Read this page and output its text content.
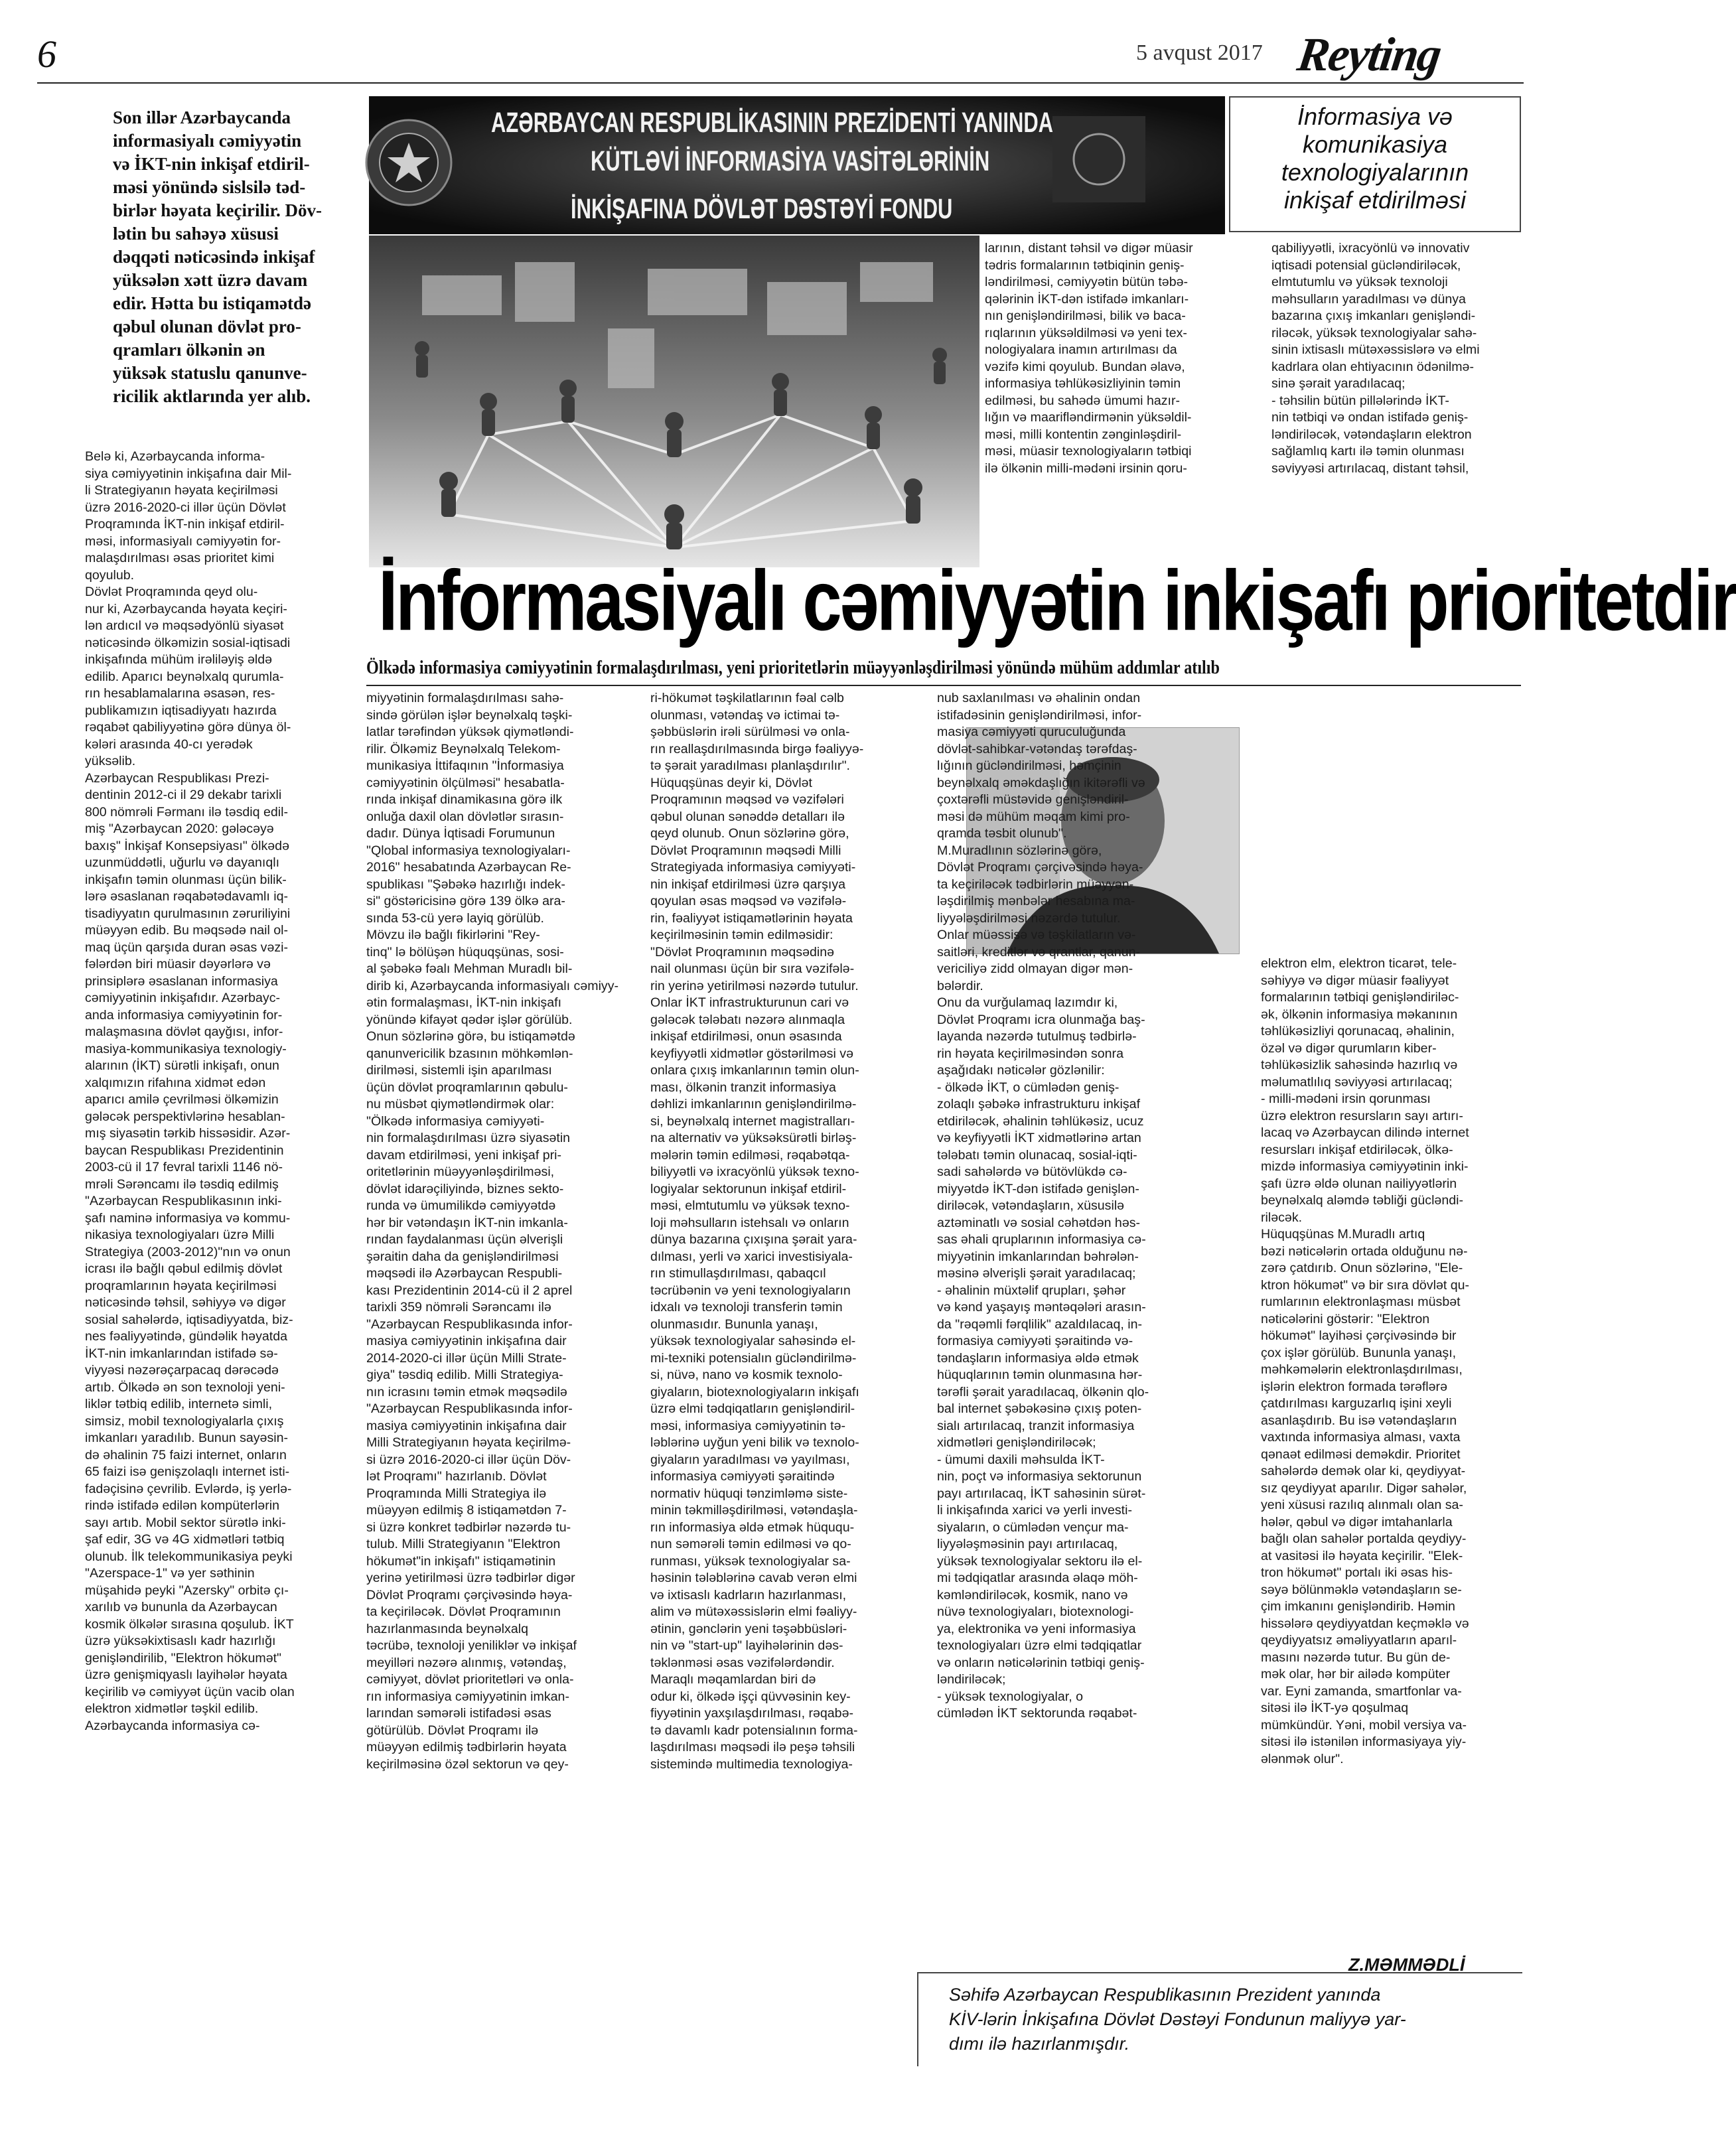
6	5 avqust 2017 Reyting
Son illər Azərbaycanda
informasiyalı cəmiyyətin
və İKT-nin inkişaf etdiril-
məsi yönündə sislsilə təd-
birlər həyata keçirilir. Döv-
lətin bu sahəyə xüsusi
dəqqəti nəticəsində inkişaf
yüksələn xətt üzrə davam
edir. Hətta bu istiqamətdə
qəbul olunan dövlət pro-
qramları ölkənin ən
yüksək statuslu qanunve-
ricilik aktlarında yer alıb.
AZƏRBAYCAN RESPUBLİKASININ PREZİDENTİ YANINDA
KÜTLƏVİ İNFORMASİYA VASİTƏLƏRİNİN
İNKİŞAFINA DÖVLƏT DƏSTƏYİ FONDU
İnformasiya və
komunikasiya
texnologiyalarının
inkişaf etdirilməsi
larının, distant təhsil və digər müasir
tədris formalarının tətbiqinin geniş-
ləndirilməsi, cəmiyyətin bütün təbə-
qələrinin İKT-dən istifadə imkanları-
nın genişləndirilməsi, bilik və baca-
rıqlarının yüksəldilməsi və yeni tex-
nologiyalara inamın artırılması da
vəzifə kimi qoyulub. Bundan əlavə,
informasiya təhlükəsizliyinin təmin
edilməsi, bu sahədə ümumi hazır-
lığın və maarifləndirmənin yüksəldil-
məsi, milli kontentin zənginləşdiril-
məsi, müasir texnologiyaların tətbiqi
ilə ölkənin milli-mədəni irsinin qoru-
qabiliyyətli, ixracyönlü və innovativ
iqtisadi potensial gücləndiriləcək,
elmtutumlu və yüksək texnoloji
məhsulların yaradılması və dünya
bazarına çıxış imkanları genişləndi-
riləcək, yüksək texnologiyalar sahə-
sinin ixtisaslı mütəxəssislərə və elmi
kadrlara olan ehtiyacının ödənilmə-
sinə şərait yaradılacaq;
- təhsilin bütün pillələrində İKT-
nin tətbiqi və ondan istifadə geniş-
ləndiriləcək, vətəndaşların elektron
sağlamlıq kartı ilə təmin olunması
səviyyəsi artırılacaq, distant təhsil,
Belə ki, Azərbaycanda informa-
siya cəmiyyətinin inkişafına dair Mil-
li Strategiyanın həyata keçirilməsi
üzrə 2016-2020-ci illər üçün Dövlət
Proqramında İKT-nin inkişaf etdiril-
məsi, informasiyalı cəmiyyətin for-
malaşdırılması əsas prioritet kimi
qoyulub.
Dövlət Proqramında qeyd olu-
nur ki, Azərbaycanda həyata keçiri-
lən ardıcıl və məqsədyönlü siyasət
nəticəsində ölkəmizin sosial-iqtisadi
inkişafında mühüm irəliləyiş əldə
edilib. Aparıcı beynəlxalq qurumla-
rın hesablamalarına əsasən, res-
publikamızın iqtisadiyyatı hazırda
rəqabət qabiliyyətinə görə dünya öl-
kələri arasında 40-cı yerədək
yüksəlib.
Azərbaycan Respublikası Prezi-
dentinin 2012-ci il 29 dekabr tarixli
800 nömrəli Fərmanı ilə təsdiq edil-
miş "Azərbaycan 2020: gələcəyə
baxış" İnkişaf Konsepsiyası" ölkədə
uzunmüddətli, uğurlu və dayanıqlı
inkişafın təmin olunması üçün bilik-
lərə əsaslanan rəqabətədavamlı iq-
tisadiyyatın qurulmasının zəruriliyini
müəyyən edib. Bu məqsədə nail ol-
maq üçün qarşıda duran əsas vəzi-
fələrdən biri müasir dəyərlərə və
prinsiplərə əsaslanan informasiya
cəmiyyətinin inkişafıdır. Azərbayc-
anda informasiya cəmiyyətinin for-
malaşmasına dövlət qayğısı, infor-
masiya-kommunikasiya texnologiy-
alarının (İKT) sürətli inkişafı, onun
xalqımızın rifahına xidmət edən
aparıcı amilə çevrilməsi ölkəmizin
gələcək perspektivlərinə hesablan-
mış siyasətin tərkib hissəsidir. Azər-
baycan Respublikası Prezidentinin
2003-cü il 17 fevral tarixli 1146 nö-
mrəli Sərəncamı ilə təsdiq edilmiş
"Azərbaycan Respublikasının inki-
şafı naminə informasiya və kommu-
nikasiya texnologiyaları üzrə Milli
Strategiya (2003-2012)"nın və onun
icrası ilə bağlı qəbul edilmiş dövlət
proqramlarının həyata keçirilməsi
nəticəsində təhsil, səhiyyə və digər
sosial sahələrdə, iqtisadiyyatda, biz-
nes fəaliyyətində, gündəlik həyatda
İKT-nin imkanlarından istifadə sə-
viyyəsi nəzərəçarpacaq dərəcədə
artıb. Ölkədə ən son texnoloji yeni-
liklər tətbiq edilib, internetə simli,
simsiz, mobil texnologiyalarla çıxış
imkanları yaradılıb. Bunun sayəsin-
də əhalinin 75 faizi internet, onların
65 faizi isə genişzolaqlı internet isti-
fadəçisinə çevrilib. Evlərdə, iş yerlə-
rində istifadə edilən kompüterlərin
sayı artıb. Mobil sektor sürətlə inki-
şaf edir, 3G və 4G xidmətləri tətbiq
olunub. İlk telekommunikasiya peyki
"Azerspace-1" və yer səthinin
müşahidə peyki "Azersky" orbitə çı-
xarılıb və bununla da Azərbaycan
kosmik ölkələr sırasına qoşulub. İKT
üzrə yüksəkixtisaslı kadr hazırlığı
genişləndirilib, "Elektron hökumət"
üzrə genişmiqyaslı layihələr həyata
keçirilib və cəmiyyət üçün vacib olan
elektron xidmətlər təşkil edilib.
Azərbaycanda informasiya cə-
İnformasiyalı cəmiyyətin inkişafı prioritetdir
Ölkədə informasiya cəmiyyətinin formalaşdırılması, yeni prioritetlərin müəyyənləşdirilməsi yönündə mühüm addımlar atılıb
miyyətinin formalaşdırılması sahə-
sində görülən işlər beynəlxalq təşki-
latlar tərəfindən yüksək qiymətləndi-
rilir. Ölkəmiz Beynəlxalq Telekom-
munikasiya İttifaqının "İnformasiya
cəmiyyətinin ölçülməsi" hesabatla-
rında inkişaf dinamikasına görə ilk
onluğa daxil olan dövlətlər sırasın-
dadır. Dünya İqtisadi Forumunun
"Qlobal informasiya texnologiyaları-
2016" hesabatında Azərbaycan Re-
spublikası "Şəbəkə hazırlığı indek-
si" göstəricisinə görə 139 ölkə ara-
sında 53-cü yerə layiq görülüb.
Mövzu ilə bağlı fikirlərini "Rey-
tinq" lə bölüşən hüquqşünas, sosi-
al şəbəkə fəalı Mehman Muradlı bil-
dirib ki, Azərbaycanda informasiyalı cəmiyy-
ətin formalaşması, İKT-nin inkişafı
yönündə kifayət qədər işlər görülüb.
Onun sözlərinə görə, bu istiqamətdə
qanunvericilik bzasının möhkəmlən-
dirilməsi, sistemli işin aparılması
üçün dövlət proqramlarının qəbulu-
nu müsbət qiymətləndirmək olar:
"Ölkədə informasiya cəmiyyəti-
nin formalaşdırılması üzrə siyasətin
davam etdirilməsi, yeni inkişaf pri-
oritetlərinin müəyyənləşdirilməsi,
dövlət idarəçiliyində, biznes sekto-
runda və ümumilikdə cəmiyyətdə
hər bir vətəndaşın İKT-nin imkanla-
rından faydalanması üçün əlverişli
şəraitin daha da genişləndirilməsi
məqsədi ilə Azərbaycan Respubli-
kası Prezidentinin 2014-cü il 2 aprel
tarixli 359 nömrəli Sərəncamı ilə
"Azərbaycan Respublikasında infor-
masiya cəmiyyətinin inkişafına dair
2014-2020-ci illər üçün Milli Strate-
giya" təsdiq edilib. Milli Strategiya-
nın icrasını təmin etmək məqsədilə
"Azərbaycan Respublikasında infor-
masiya cəmiyyətinin inkişafına dair
Milli Strategiyanın həyata keçirilmə-
si üzrə 2016-2020-ci illər üçün Döv-
lət Proqramı" hazırlanıb. Dövlət
Proqramında Milli Strategiya ilə
müəyyən edilmiş 8 istiqamətdən 7-
si üzrə konkret tədbirlər nəzərdə tu-
tulub. Milli Strategiyanın "Elektron
hökumət"in inkişafı" istiqamətinin
yerinə yetirilməsi üzrə tədbirlər digər
Dövlət Proqramı çərçivəsində həya-
ta keçiriləcək. Dövlət Proqramının
hazırlanmasında beynəlxalq
təcrübə, texnoloji yeniliklər və inkişaf
meyilləri nəzərə alınmış, vətəndaş,
cəmiyyət, dövlət prioritetləri və onla-
rın informasiya cəmiyyətinin imkan-
larından səmərəli istifadəsi əsas
götürülüb. Dövlət Proqramı ilə
müəyyən edilmiş tədbirlərin həyata
keçirilməsinə özəl sektorun və qey-
ri-hökumət təşkilatlarının fəal cəlb
olunması, vətəndaş və ictimai tə-
şəbbüslərin irəli sürülməsi və onla-
rın reallaşdırılmasında birgə fəaliyyə-
tə şərait yaradılması planlaşdırılır".
Hüquqşünas deyir ki, Dövlət
Proqramının məqsəd və vəzifələri
qəbul olunan sənəddə detalları ilə
qeyd olunub. Onun sözlərinə görə,
Dövlət Proqramının məqsədi Milli
Strategiyada informasiya cəmiyyəti-
nin inkişaf etdirilməsi üzrə qarşıya
qoyulan əsas məqsəd və vəzifələ-
rin, fəaliyyət istiqamətlərinin həyata
keçirilməsinin təmin edilməsidir:
"Dövlət Proqramının məqsədinə
nail olunması üçün bir sıra vəzifələ-
rin yerinə yetirilməsi nəzərdə tutulur.
Onlar İKT infrastrukturunun cari və
gələcək tələbatı nəzərə alınmaqla
inkişaf etdirilməsi, onun əsasında
keyfiyyətli xidmətlər göstərilməsi və
onlara çıxış imkanlarının təmin olun-
ması, ölkənin tranzit informasiya
dəhlizi imkanlarının genişləndirilmə-
si, beynəlxalq internet magistralları-
na alternativ və yüksəksürətli birləş-
mələrin təmin edilməsi, rəqabətqa-
biliyyətli və ixracyönlü yüksək texno-
logiyalar sektorunun inkişaf etdiril-
məsi, elmtutumlu və yüksək texno-
loji məhsulların istehsalı və onların
dünya bazarına çıxışına şərait yara-
dılması, yerli və xarici investisiyala-
rın stimullaşdırılması, qabaqcıl
təcrübənin və yeni texnologiyaların
idxalı və texnoloji transferin təmin
olunmasıdır. Bununla yanaşı,
yüksək texnologiyalar sahəsində el-
mi-texniki potensialın gücləndirilmə-
si, nüvə, nano və kosmik texnolo-
giyaların, biotexnologiyaların inkişafı
üzrə elmi tədqiqatların genişləndiril-
məsi, informasiya cəmiyyətinin tə-
ləblərinə uyğun yeni bilik və texnolo-
giyaların yaradılması və yayılması,
informasiya cəmiyyəti şəraitində
normativ hüquqi tənzimləmə siste-
minin təkmilləşdirilməsi, vətəndaşla-
rın informasiya əldə etmək hüququ-
nun səmərəli təmin edilməsi və qo-
runması, yüksək texnologiyalar sa-
həsinin tələblərinə cavab verən elmi
və ixtisaslı kadrların hazırlanması,
alim və mütəxəssislərin elmi fəaliyy-
ətinin, gənclərin yeni təşəbbüsləri-
nin və "start-up" layihələrinin dəs-
təklənməsi əsas vəzifələrdəndir.
Maraqlı məqamlardan biri də
odur ki, ölkədə işçi qüvvəsinin key-
fiyyətinin yaxşılaşdırılması, rəqabə-
tə davamlı kadr potensialının forma-
laşdırılması məqsədi ilə peşə təhsili
sistemində multimedia texnologiya-
nub saxlanılması və əhalinin ondan
istifadəsinin genişləndirilməsi, infor-
masiya cəmiyyəti quruculuğunda
dövlət-sahibkar-vətəndaş tərəfdaş-
lığının gücləndirilməsi, həmçinin
beynəlxalq əməkdaşlığın ikitərəfli və
çoxtərəfli müstəvidə genişləndiril-
məsi də mühüm məqam kimi pro-
qramda təsbit olunub".
M.Muradlının sözlərinə görə,
Dövlət Proqramı çərçivəsində həya-
ta keçiriləcək tədbirlərin müəyyən-
ləşdirilmiş mənbələr hesabına ma-
liyyələşdirilməsi nəzərdə tutulur.
Onlar müəssisə və təşkilatların və-
saitləri, kreditlər və qrantlar, qanun-
vericiliyə zidd olmayan digər mən-
bələrdir.
Onu da vurğulamaq lazımdır ki,
Dövlət Proqramı icra olunmağa baş-
layanda nəzərdə tutulmuş tədbirlə-
rin həyata keçirilməsindən sonra
aşağıdakı nəticələr gözlənilir:
- ölkədə İKT, o cümlədən geniş-
zolaqlı şəbəkə infrastrukturu inkişaf
etdiriləcək, əhalinin təhlükəsiz, ucuz
və keyfiyyətli İKT xidmətlərinə artan
tələbatı təmin olunacaq, sosial-iqti-
sadi sahələrdə və bütövlükdə cə-
miyyətdə İKT-dən istifadə genişlən-
diriləcək, vətəndaşların, xüsusilə
aztəminatlı və sosial cəhətdən həs-
sas əhali qruplarının informasiya cə-
miyyətinin imkanlarından bəhrələn-
məsinə əlverişli şərait yaradılacaq;
- əhalinin müxtəlif qrupları, şəhər
və kənd yaşayış məntəqələri arasın-
da "rəqəmli fərqlilik" azaldılacaq, in-
formasiya cəmiyyəti şəraitində və-
təndaşların informasiya əldə etmək
hüquqlarının təmin olunmasına hər-
tərəfli şərait yaradılacaq, ölkənin qlo-
bal internet şəbəkəsinə çıxış poten-
sialı artırılacaq, tranzit informasiya
xidmətləri genişləndiriləcək;
- ümumi daxili məhsulda İKT-
nin, poçt və informasiya sektorunun
payı artırılacaq, İKT sahəsinin sürət-
li inkişafında xarici və yerli investi-
siyaların, o cümlədən vençur ma-
liyyələşməsinin payı artırılacaq,
yüksək texnologiyalar sektoru ilə el-
mi tədqiqatlar arasında əlaqə möh-
kəmləndiriləcək, kosmik, nano və
nüvə texnologiyaları, biotexnologi-
ya, elektronika və yeni informasiya
texnologiyaları üzrə elmi tədqiqatlar
və onların nəticələrinin tətbiqi geniş-
ləndiriləcək;
- yüksək texnologiyalar, o
cümlədən İKT sektorunda rəqabət-
elektron elm, elektron ticarət, tele-
səhiyyə və digər müasir fəaliyyət
formalarının tətbiqi genişləndiriləc-
ək, ölkənin informasiya məkanının
təhlükəsizliyi qorunacaq, əhalinin,
özəl və digər qurumların kiber-
təhlükəsizlik sahəsində hazırlıq və
məlumatlılıq səviyyəsi artırılacaq;
- milli-mədəni irsin qorunması
üzrə elektron resursların sayı artırı-
lacaq və Azərbaycan dilində internet
resursları inkişaf etdiriləcək, ölkə-
mizdə informasiya cəmiyyətinin inki-
şafı üzrə əldə olunan nailiyyətlərin
beynəlxalq aləmdə təbliği gücləndi-
riləcək.
Hüquqşünas M.Muradlı artıq
bəzi nəticələrin ortada olduğunu nə-
zərə çatdırıb. Onun sözlərinə, "Ele-
ktron hökumət" və bir sıra dövlət qu-
rumlarının elektronlaşması müsbət
nəticələrini göstərir: "Elektron
hökumət" layihəsi çərçivəsində bir
çox işlər görülüb. Bununla yanaşı,
məhkəmələrin elektronlaşdırılması,
işlərin elektron formada tərəflərə
çatdırılması karguzarlıq işini xeyli
asanlaşdırıb. Bu isə vətəndaşların
vaxtında informasiya alması, vaxta
qənaət edilməsi deməkdir. Prioritet
sahələrdə demək olar ki, qeydiyyat-
sız qeydiyyat aparılır. Digər sahələr,
yeni xüsusi razılıq alınmalı olan sa-
hələr, qəbul və digər imtahanlarla
bağlı olan sahələr portalda qeydiyy-
at vasitəsi ilə həyata keçirilir. "Elek-
tron hökumət" portalı iki əsas his-
səyə bölünməklə vətəndaşların se-
çim imkanını genişləndirib. Həmin
hissələrə qeydiyyatdan keçməklə və
qeydiyyatsız əməliyyatların aparıl-
masını nəzərdə tutur. Bu gün de-
mək olar, hər bir ailədə kompüter
var. Eyni zamanda, smartfonlar va-
sitəsi ilə İKT-yə qoşulmaq
mümkündür. Yəni, mobil versiya va-
sitəsi ilə istənilən informasiyaya yiy-
ələnmək olur".
Z.MƏMMƏDLİ
Səhifə Azərbaycan Respublikasının Prezident yanında
KİV-lərin İnkişafına Dövlət Dəstəyi Fondunun maliyyə yar-
dımı ilə hazırlanmışdır.
